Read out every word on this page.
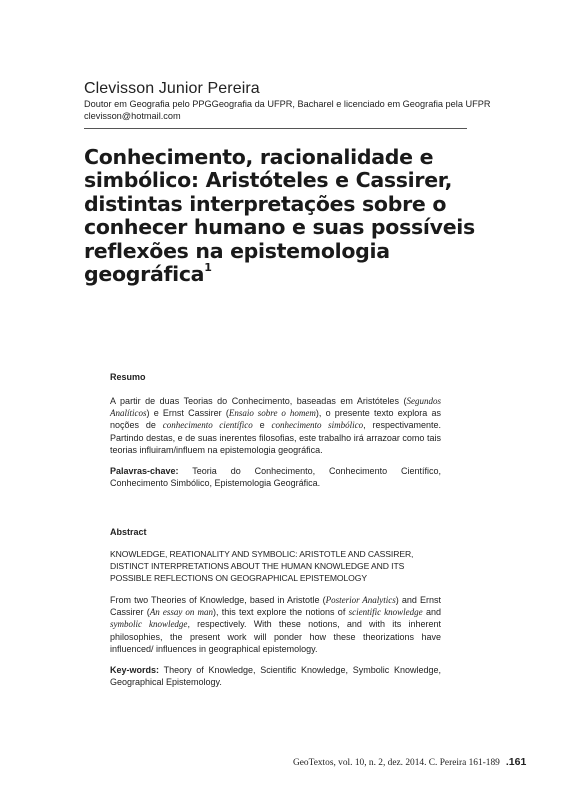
Clevisson Junior Pereira
Doutor em Geografia pelo PPGGeografia da UFPR, Bacharel e licenciado em Geografia pela UFPR
clevisson@hotmail.com
Conhecimento, racionalidade e
simbólico: Aristóteles e Cassirer,
distintas interpretações sobre o
conhecer humano e suas possíveis
reflexões na epistemologia
geográfica$^1$

Resumo

A partir de duas Teorias do Conhecimento, baseadas em Aristóteles (Segundos Analíticos) e Ernst Cassirer (Ensaio sobre o homem), o presente texto explora as noções de conhecimento científico e conhecimento simbólico, respectivamente. Partindo destas, e de suas inerentes filosofias, este trabalho irá arrazoar como tais teorias influiram/influem na epistemologia geográfica.

Palavras-chave: Teoria do Conhecimento, Conhecimento Científico, Conhecimento Simbólico, Epistemologia Geográfica.

Abstract

KNOWLEDGE, REATIONALITY AND SYMBOLIC: ARISTOTLE AND CASSIRER, DISTINCT INTERPRETATIONS ABOUT THE HUMAN KNOWLEDGE AND ITS POSSIBLE REFLECTIONS ON GEOGRAPHICAL EPISTEMOLOGY

From two Theories of Knowledge, based in Aristotle (Posterior Analytics) and Ernst Cassirer (An essay on man), this text explore the notions of scientific knowledge and symbolic knowledge, respectively. With these notions, and with its inherent philosophies, the present work will ponder how these theorizations have influenced/ influences in geographical epistemology.

Key-words: Theory of Knowledge, Scientific Knowledge, Symbolic Knowledge, Geographical Epistemology.

GeoTextos, vol. 10, n. 2, dez. 2014. C. Pereira 161-189 .161
